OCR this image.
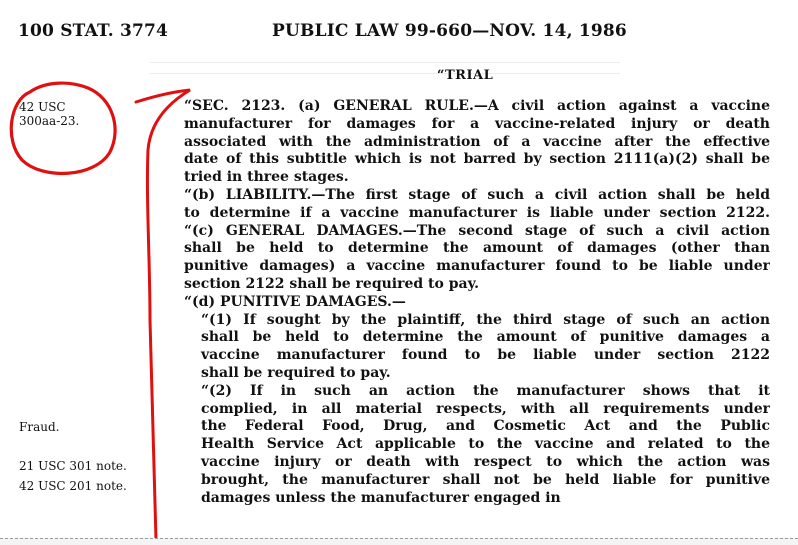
100 STAT. 3774	PUBLIC LAW 99-660—NOV. 14, 1986
“TRIAL
42 USC
300aa-23.
Fraud.
21 USC 301 note.
42 USC 201 note.
“SEC. 2123. (a) GENERAL RULE.—A civil action against a vaccine
manufacturer for damages for a vaccine-related injury or death
associated with the administration of a vaccine after the effective
date of this subtitle which is not barred by section 2111(a)(2) shall be
tried in three stages.
“(b) LIABILITY.—The first stage of such a civil action shall be held
to determine if a vaccine manufacturer is liable under section 2122.
“(c) GENERAL DAMAGES.—The second stage of such a civil action
shall be held to determine the amount of damages (other than
punitive damages) a vaccine manufacturer found to be liable under
section 2122 shall be required to pay.
“(d) PUNITIVE DAMAGES.—
“(1) If sought by the plaintiff, the third stage of such an action
shall be held to determine the amount of punitive damages a
vaccine manufacturer found to be liable under section 2122
shall be required to pay.
“(2) If in such an action the manufacturer shows that it
complied, in all material respects, with all requirements under
the Federal Food, Drug, and Cosmetic Act and the Public
Health Service Act applicable to the vaccine and related to the
vaccine injury or death with respect to which the action was
brought, the manufacturer shall not be held liable for punitive
damages unless the manufacturer engaged in
